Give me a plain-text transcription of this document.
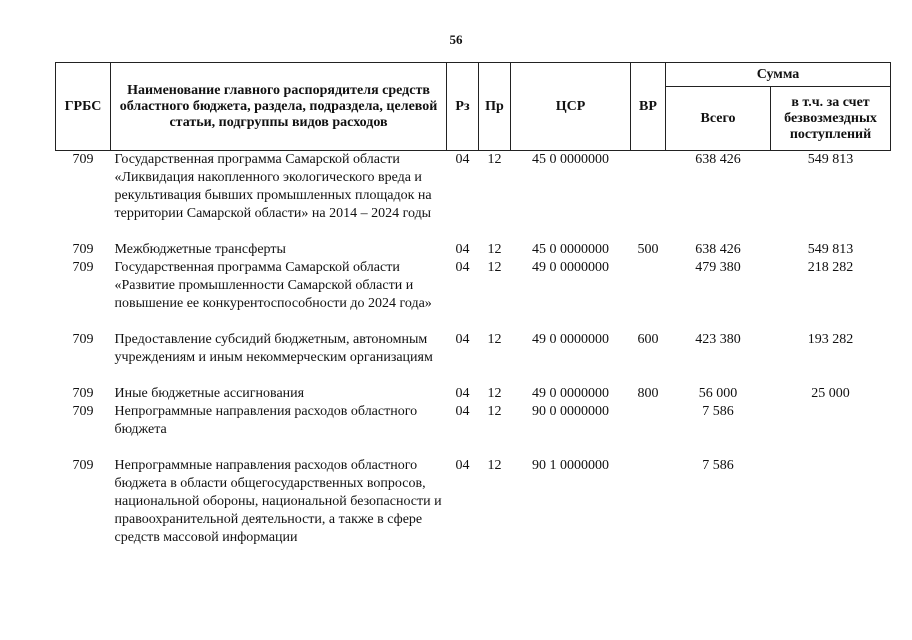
56
ГРБС	Наименование главного распорядителя средств областного бюджета, раздела, подраздела, целевой статьи, подгруппы видов расходов	Рз	Пр	ЦСР	ВР	Сумма	
						Всего	в т.ч. за счет безвозмездных поступлений
709	Государственная программа Самарской области «Ликвидация накопленного экологического вреда и рекультивация бывших промышленных площадок на территории Самарской области» на 2014 – 2024 годы	04	12	45 0 0000000		638 426	549 813
709	Межбюджетные трансферты	04	12	45 0 0000000	500	638 426	549 813
709	Государственная программа Самарской области «Развитие промышленности Самарской области и повышение ее конкурентоспособности до 2024 года»	04	12	49 0 0000000		479 380	218 282
709	Предоставление субсидий бюджетным, автономным учреждениям и иным некоммерческим организациям	04	12	49 0 0000000	600	423 380	193 282
709	Иные бюджетные ассигнования	04	12	49 0 0000000	800	56 000	25 000
709	Непрограммные направления расходов областного бюджета	04	12	90 0 0000000		7 586	
709	Непрограммные направления расходов областного бюджета в области общегосударственных вопросов, национальной обороны, национальной безопасности и правоохранительной деятельности, а также в сфере средств массовой информации	04	12	90 1 0000000		7 586	
